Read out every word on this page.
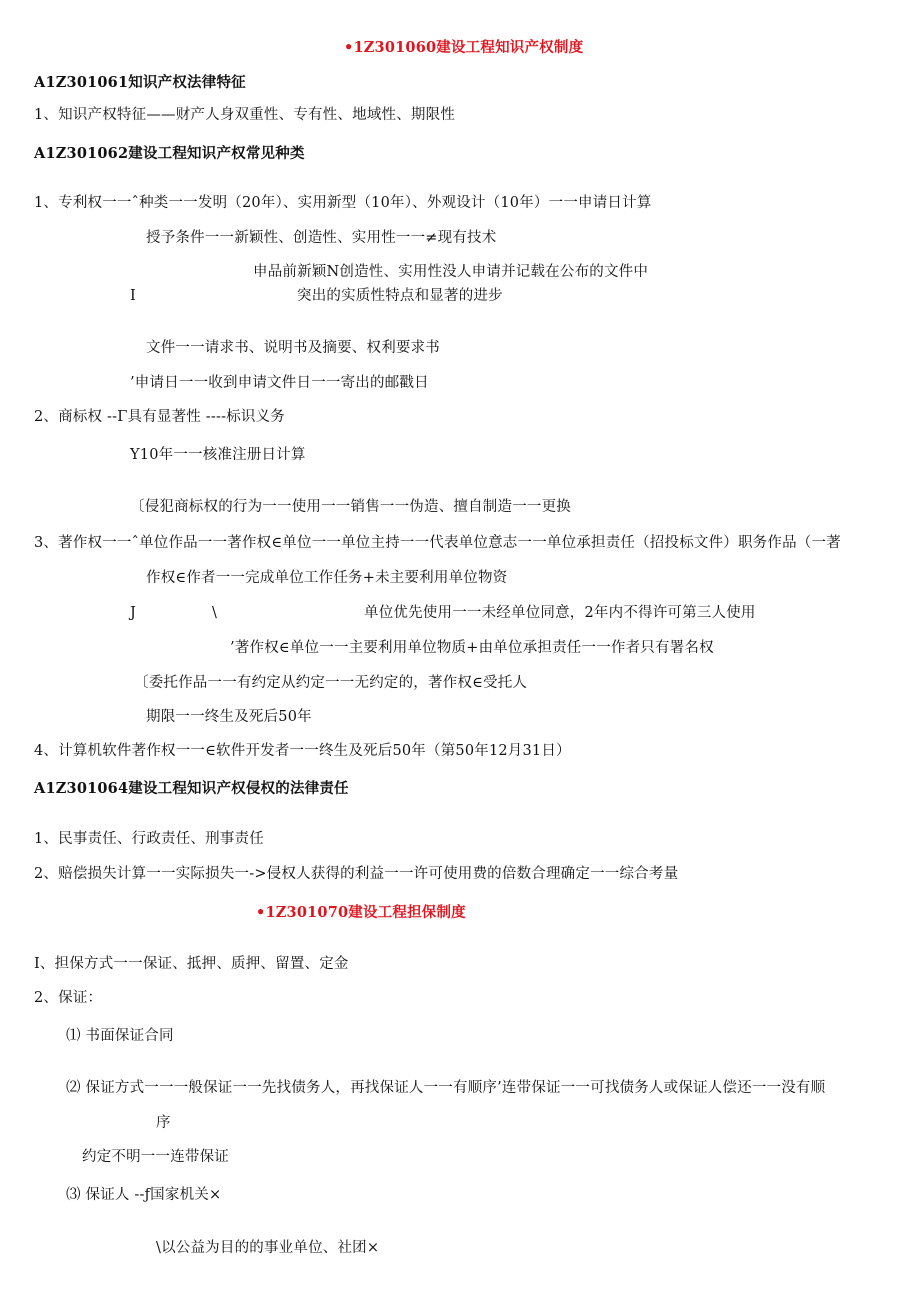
•1Z301060建设工程知识产权制度
A1Z301061知识产权法律特征
1、知识产权特征——财产人身双重性、专有性、地域性、期限性
A1Z301062建设工程知识产权常见种类
1、专利权一一ˆ种类一一发明（20年）、实用新型（10年）、外观设计（10年）一一申请日计算
授予条件一一新颖性、创造性、实用性一一≠现有技术
申品前新颖N创造性、实用性没人申请并记载在公布的文件中
I	突出的实质性特点和显著的进步
文件一一请求书、说明书及摘要、权利要求书
’申请日一一收到申请文件日一一寄出的邮戳日
2、商标权 --Γ具有显著性 ----标识义务
Y10年一一核准注册日计算
〔侵犯商标权的行为一一使用一一销售一一伪造、擅自制造一一更换
3、著作权一一ˆ单位作品一一著作权∈单位一一单位主持一一代表单位意志一一单位承担责任（招投标文件）职务作品（一著
作权∈作者一一完成单位工作任务+未主要利用单位物资
J	\	单位优先使用一一未经单位同意，2年内不得许可第三人使用
’著作权∈单位一一主要利用单位物质+由单位承担责任一一作者只有署名权
〔委托作品一一有约定从约定一一无约定的，著作权∈受托人
期限一一终生及死后50年
4、计算机软件著作权一一∈软件开发者一一终生及死后50年（第50年12月31日）
A1Z301064建设工程知识产权侵权的法律责任
1、民事责任、行政责任、刑事责任
2、赔偿损失计算一一实际损失一->侵权人获得的利益一一许可使用费的倍数合理确定一一综合考量
•1Z301070建设工程担保制度
I、担保方式一一保证、抵押、质押、留置、定金
2、保证：
⑴ 书面保证合同
⑵ 保证方式一一一般保证一一先找债务人，再找保证人一一有顺序’连带保证一一可找债务人或保证人偿还一一没有顺
序
约定不明一一连带保证
⑶ 保证人 --ƒ国家机关×
\以公益为目的的事业单位、社团×
